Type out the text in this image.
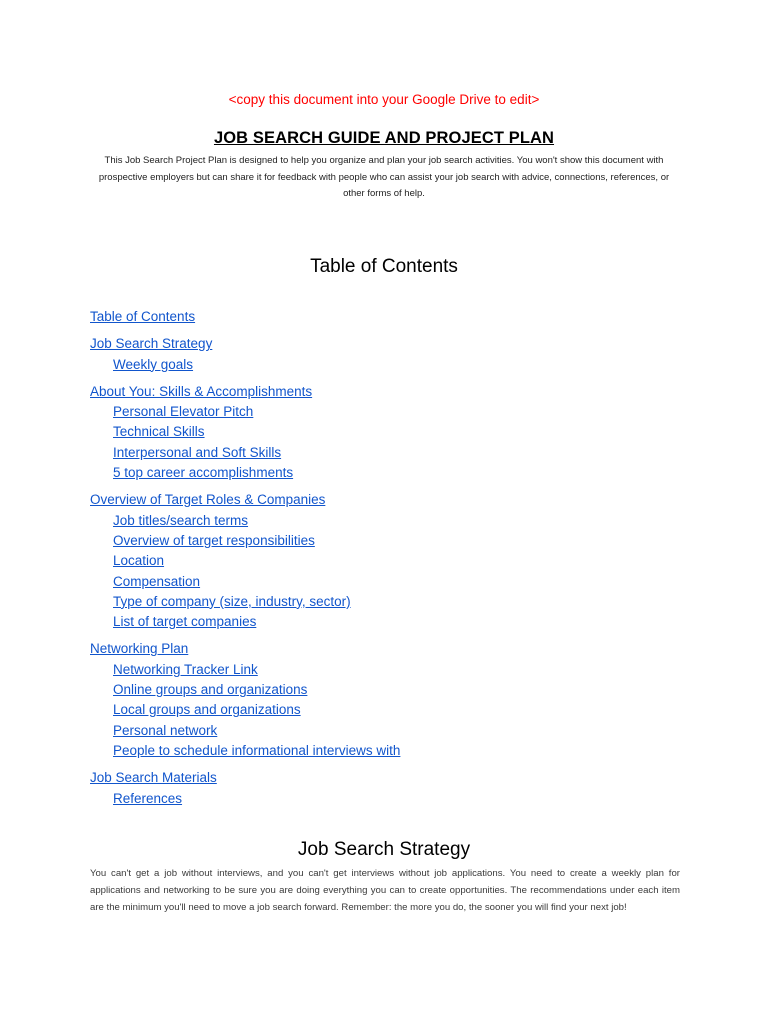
<copy this document into your Google Drive to edit>
JOB SEARCH GUIDE AND PROJECT PLAN
This Job Search Project Plan is designed to help you organize and plan your job search activities. You won't show this document with prospective employers but can share it for feedback with people who can assist your job search with advice, connections, references, or other forms of help.
Table of Contents
Table of Contents
Job Search Strategy
Weekly goals
About You: Skills & Accomplishments
Personal Elevator Pitch
Technical Skills
Interpersonal and Soft Skills
5 top career accomplishments
Overview of Target Roles & Companies
Job titles/search terms
Overview of target responsibilities
Location
Compensation
Type of company (size, industry, sector)
List of target companies
Networking Plan
Networking Tracker Link
Online groups and organizations
Local groups and organizations
Personal network
People to schedule informational interviews with
Job Search Materials
References
Job Search Strategy
You can't get a job without interviews, and you can't get interviews without job applications. You need to create a weekly plan for applications and networking to be sure you are doing everything you can to create opportunities. The recommendations under each item are the minimum you'll need to move a job search forward. Remember: the more you do, the sooner you will find your next job!
